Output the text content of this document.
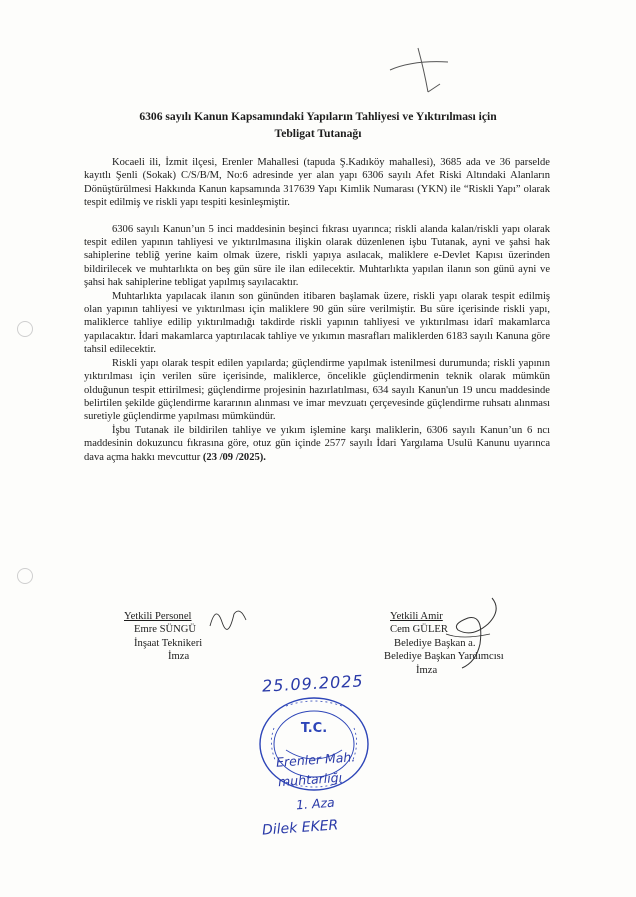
6306 sayılı Kanun Kapsamındaki Yapıların Tahliyesi ve Yıktırılması için
Tebligat Tutanağı

Kocaeli ili, İzmit ilçesi, Erenler Mahallesi (tapuda Ş.Kadıköy mahallesi), 3685 ada ve 36 parselde kayıtlı Şenli (Sokak) C/S/B/M, No:6 adresinde yer alan yapı 6306 sayılı Afet Riski Altındaki Alanların Dönüştürülmesi Hakkında Kanun kapsamında 317639 Yapı Kimlik Numarası (YKN) ile “Riskli Yapı” olarak tespit edilmiş ve riskli yapı tespiti kesinleşmiştir.

6306 sayılı Kanun’un 5 inci maddesinin beşinci fıkrası uyarınca; riskli alanda kalan/riskli yapı olarak tespit edilen yapının tahliyesi ve yıktırılmasına ilişkin olarak düzenlenen işbu Tutanak, ayni ve şahsi hak sahiplerine tebliğ yerine kaim olmak üzere, riskli yapıya asılacak, maliklere e-Devlet Kapısı üzerinden bildirilecek ve muhtarlıkta on beş gün süre ile ilan edilecektir. Muhtarlıkta yapılan ilanın son günü ayni ve şahsi hak sahiplerine tebligat yapılmış sayılacaktır.

Muhtarlıkta yapılacak ilanın son gününden itibaren başlamak üzere, riskli yapı olarak tespit edilmiş olan yapının tahliyesi ve yıktırılması için maliklere 90 gün süre verilmiştir. Bu süre içerisinde riskli yapı, maliklerce tahliye edilip yıktırılmadığı takdirde riskli yapının tahliyesi ve yıktırılması idarî makamlarca yapılacaktır. İdari makamlarca yaptırılacak tahliye ve yıkımın masrafları maliklerden 6183 sayılı Kanuna göre tahsil edilecektir.

Riskli yapı olarak tespit edilen yapılarda; güçlendirme yapılmak istenilmesi durumunda; riskli yapının yıktırılması için verilen süre içerisinde, maliklerce, öncelikle güçlendirmenin teknik olarak mümkün olduğunun tespit ettirilmesi; güçlendirme projesinin hazırlatılması, 634 sayılı Kanun'un 19 uncu maddesinde belirtilen şekilde güçlendirme kararının alınması ve imar mevzuatı çerçevesinde güçlendirme ruhsatı alınması suretiyle güçlendirme yapılması mümkündür.

İşbu Tutanak ile bildirilen tahliye ve yıkım işlemine karşı maliklerin, 6306 sayılı Kanun’un 6 ncı maddesinin dokuzuncu fıkrasına göre, otuz gün içinde 2577 sayılı İdari Yargılama Usulü Kanunu uyarınca dava açma hakkı mevcuttur (23 /09 /2025).

Yetkili Personel
Emre SÜNGÜ
İnşaat Teknikeri
İmza
Yetkili Amir
Cem GÜLER
Belediye Başkan a.
Belediye Başkan Yardımcısı
İmza
25.09.2025
T.C.
Erenler Mah.
muhtarlığı
1. Aza
Dilek EKER
